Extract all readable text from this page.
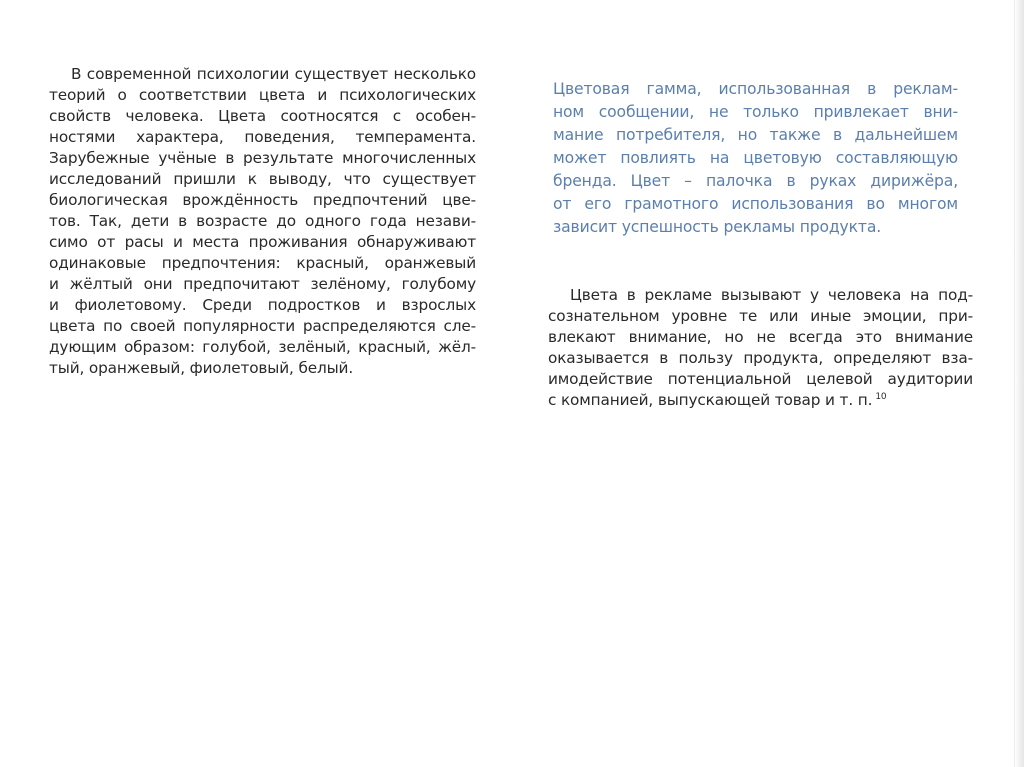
В современной психологии существует несколько
теорий о соответствии цвета и психологических
свойств человека. Цвета соотносятся с особен-
ностями характера, поведения, темперамента.
Зарубежные учёные в результате многочисленных
исследований пришли к выводу, что существует
биологическая врождённость предпочтений цве-
тов. Так, дети в возрасте до одного года незави-
симо от расы и места проживания обнаруживают
одинаковые предпочтения: красный, оранжевый
и жёлтый они предпочитают зелёному, голубому
и фиолетовому. Среди подростков и взрослых
цвета по своей популярности распределяются сле-
дующим образом: голубой, зелёный, красный, жёл-
тый, оранжевый, фиолетовый, белый.
Цветовая гамма, использованная в реклам-
ном сообщении, не только привлекает вни-
мание потребителя, но также в дальнейшем
может повлиять на цветовую составляющую
бренда. Цвет – палочка в руках дирижёра,
от его грамотного использования во многом
зависит успешность рекламы продукта.
Цвета в рекламе вызывают у человека на под-
сознательном уровне те или иные эмоции, при-
влекают внимание, но не всегда это внимание
оказывается в пользу продукта, определяют вза-
имодействие потенциальной целевой аудитории
с компанией, выпускающей товар и т. п. $^{10}$
